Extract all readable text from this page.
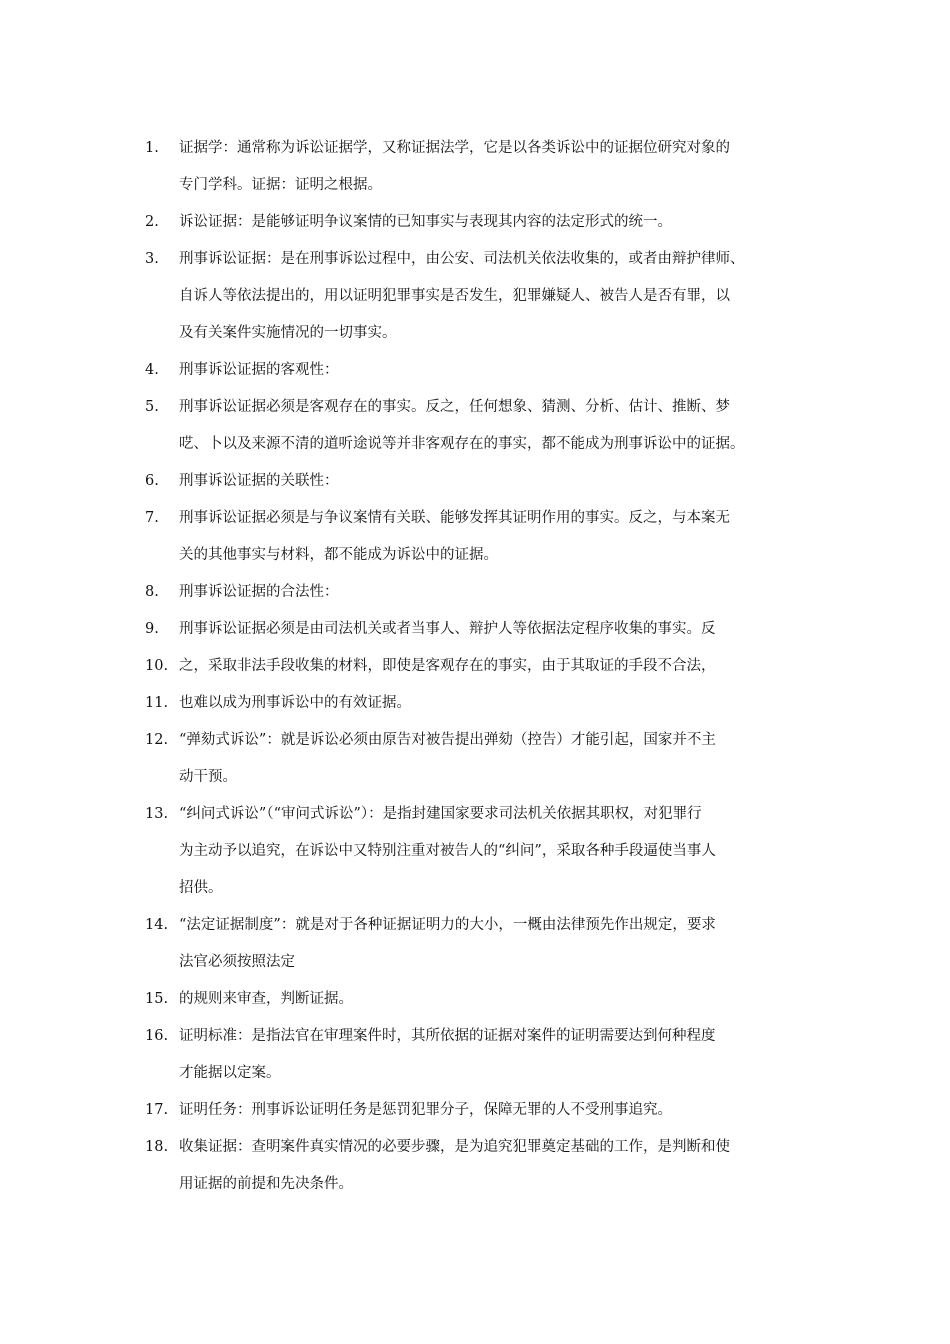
1.	证据学：通常称为诉讼证据学，又称证据法学，它是以各类诉讼中的证据位研究对象的
专门学科。证据：证明之根据。
2.	诉讼证据：是能够证明争议案情的已知事实与表现其内容的法定形式的统一。
3.	刑事诉讼证据：是在刑事诉讼过程中，由公安、司法机关依法收集的，或者由辩护律师、
自诉人等依法提出的，用以证明犯罪事实是否发生，犯罪嫌疑人、被告人是否有罪，以
及有关案件实施情况的一切事实。
4.	刑事诉讼证据的客观性：
5.	刑事诉讼证据必须是客观存在的事实。反之，任何想象、猜测、分析、估计、推断、梦
呓、卜以及来源不清的道听途说等并非客观存在的事实，都不能成为刑事诉讼中的证据。
6.	刑事诉讼证据的关联性：
7.	刑事诉讼证据必须是与争议案情有关联、能够发挥其证明作用的事实。反之，与本案无
关的其他事实与材料，都不能成为诉讼中的证据。
8.	刑事诉讼证据的合法性：
9.	刑事诉讼证据必须是由司法机关或者当事人、辩护人等依据法定程序收集的事实。反
10. 之，采取非法手段收集的材料，即使是客观存在的事实，由于其取证的手段不合法，
11. 也难以成为刑事诉讼中的有效证据。
12. “弹劾式诉讼”：就是诉讼必须由原告对被告提出弹劾（控告）才能引起，国家并不主
动干预。
13. “纠问式诉讼”（“审问式诉讼”）：是指封建国家要求司法机关依据其职权，对犯罪行
为主动予以追究，在诉讼中又特别注重对被告人的“纠问”，采取各种手段逼使当事人
招供。
14. “法定证据制度”：就是对于各种证据证明力的大小，一概由法律预先作出规定，要求
法官必须按照法定
15. 的规则来审查，判断证据。
16. 证明标准：是指法官在审理案件时，其所依据的证据对案件的证明需要达到何种程度
才能据以定案。
17. 证明任务：刑事诉讼证明任务是惩罚犯罪分子，保障无罪的人不受刑事追究。
18. 收集证据：查明案件真实情况的必要步骤，是为追究犯罪奠定基础的工作，是判断和使
用证据的前提和先决条件。
